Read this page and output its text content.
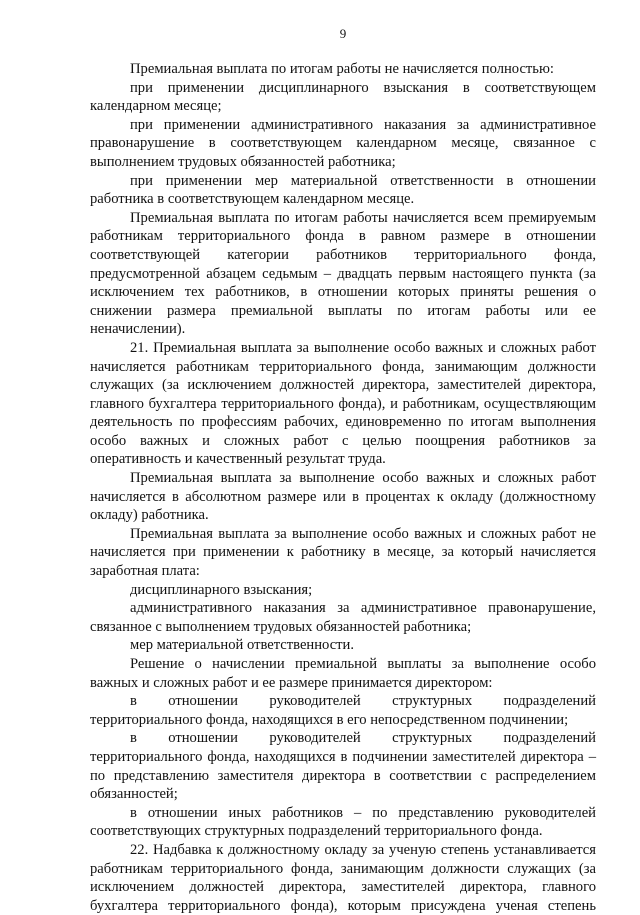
9

Премиальная выплата по итогам работы не начисляется полностью:

при применении дисциплинарного взыскания в соответствующем календарном месяце;

при применении административного наказания за административное правонарушение в соответствующем календарном месяце, связанное с выполнением трудовых обязанностей работника;

при применении мер материальной ответственности в отношении работника в соответствующем календарном месяце.

Премиальная выплата по итогам работы начисляется всем премируемым работникам территориального фонда в равном размере в отношении соответствующей категории работников территориального фонда, предусмотренной абзацем седьмым – двадцать первым настоящего пункта (за исключением тех работников, в отношении которых приняты решения о снижении размера премиальной выплаты по итогам работы или ее неначислении).

21. Премиальная выплата за выполнение особо важных и сложных работ начисляется работникам территориального фонда, занимающим должности служащих (за исключением должностей директора, заместителей директора, главного бухгалтера территориального фонда), и работникам, осуществляющим деятельность по профессиям рабочих, единовременно по итогам выполнения особо важных и сложных работ с целью поощрения работников за оперативность и качественный результат труда.

Премиальная выплата за выполнение особо важных и сложных работ начисляется в абсолютном размере или в процентах к окладу (должностному окладу) работника.

Премиальная выплата за выполнение особо важных и сложных работ не начисляется при применении к работнику в месяце, за который начисляется заработная плата:

дисциплинарного взыскания;

административного наказания за административное правонарушение, связанное с выполнением трудовых обязанностей работника;

мер материальной ответственности.

Решение о начислении премиальной выплаты за выполнение особо важных и сложных работ и ее размере принимается директором:

в отношении руководителей структурных подразделений территориального фонда, находящихся в его непосредственном подчинении;

в отношении руководителей структурных подразделений территориального фонда, находящихся в подчинении заместителей директора – по представлению заместителя директора в соответствии с распределением обязанностей;

в отношении иных работников – по представлению руководителей соответствующих структурных подразделений территориального фонда.

22. Надбавка к должностному окладу за ученую степень устанавливается работникам территориального фонда, занимающим должности служащих (за исключением должностей директора, заместителей директора, главного бухгалтера территориального фонда), которым присуждена ученая степень
